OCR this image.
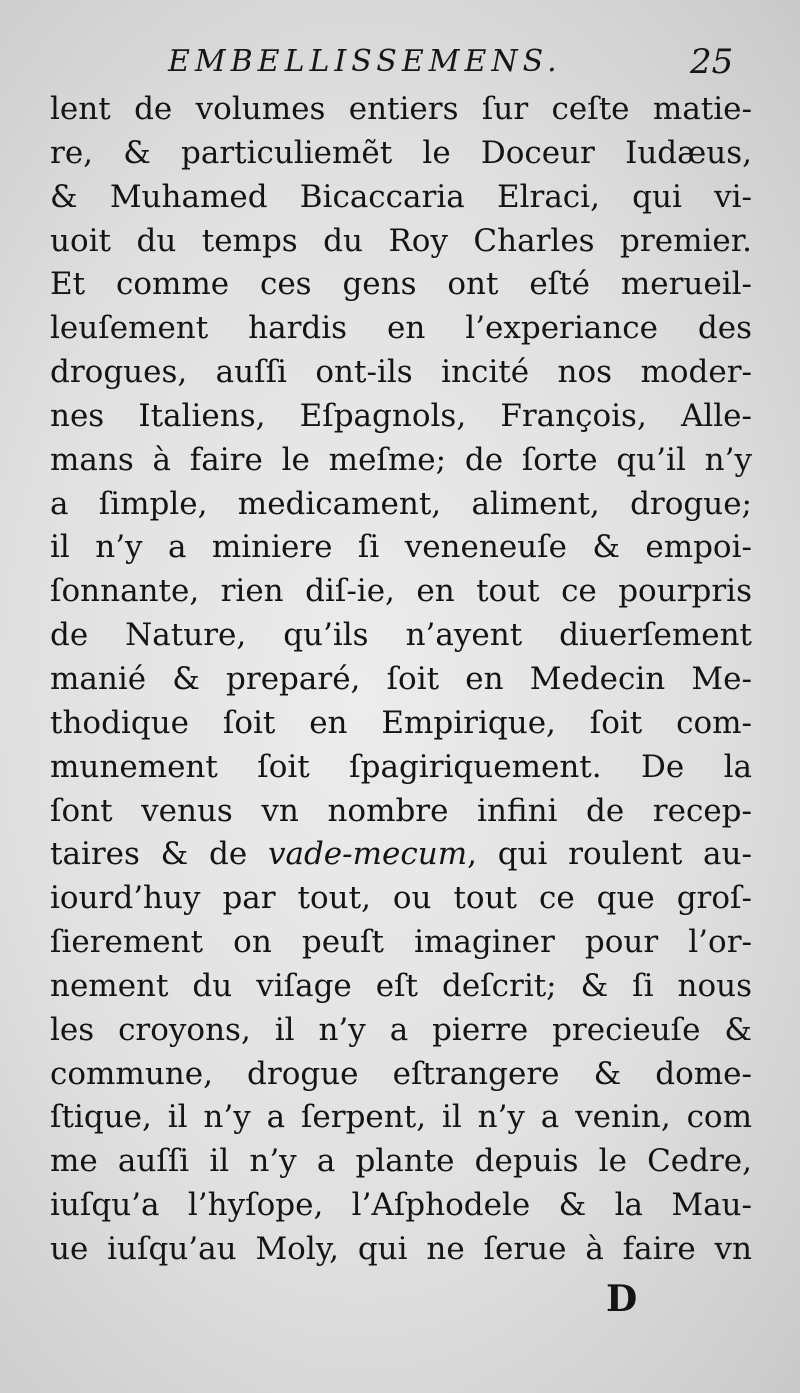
EMBELLISSEMENS.	25
lent de volumes entiers ſur ceſte matie-
re, & particuliemẽt le Doceur Iudæus,
& Muhamed Bicaccaria Elraci, qui vi-
uoit du temps du Roy Charles premier.
Et comme ces gens ont eſté merueil-
leuſement hardis en l’experiance des
drogues, auſſi ont-ils incité nos moder-
nes Italiens, Eſpagnols, François, Alle-
mans à faire le meſme; de ſorte qu’il n’y
a ſimple, medicament, aliment, drogue;
il n’y a miniere ſi veneneuſe & empoi-
ſonnante, rien diſ-ie, en tout ce pourpris
de Nature, qu’ils n’ayent diuerſement
manié & preparé, ſoit en Medecin Me-
thodique ſoit en Empirique, ſoit com-
munement ſoit ſpagiriquement. De la
ſont venus vn nombre infini de recep-
taires & de vade-mecum, qui roulent au-
iourd’huy par tout, ou tout ce que groſ-
ſierement on peuſt imaginer pour l’or-
nement du viſage eſt deſcrit; & ſi nous
les croyons, il n’y a pierre precieuſe &
commune, drogue eſtrangere & dome-
ſtique, il n’y a ſerpent, il n’y a venin, com
me auſſi il n’y a plante depuis le Cedre,
iuſqu’a l’hyſope, l’Aſphodele & la Mau-
ue iuſqu’au Moly, qui ne ſerue à faire vn
D
